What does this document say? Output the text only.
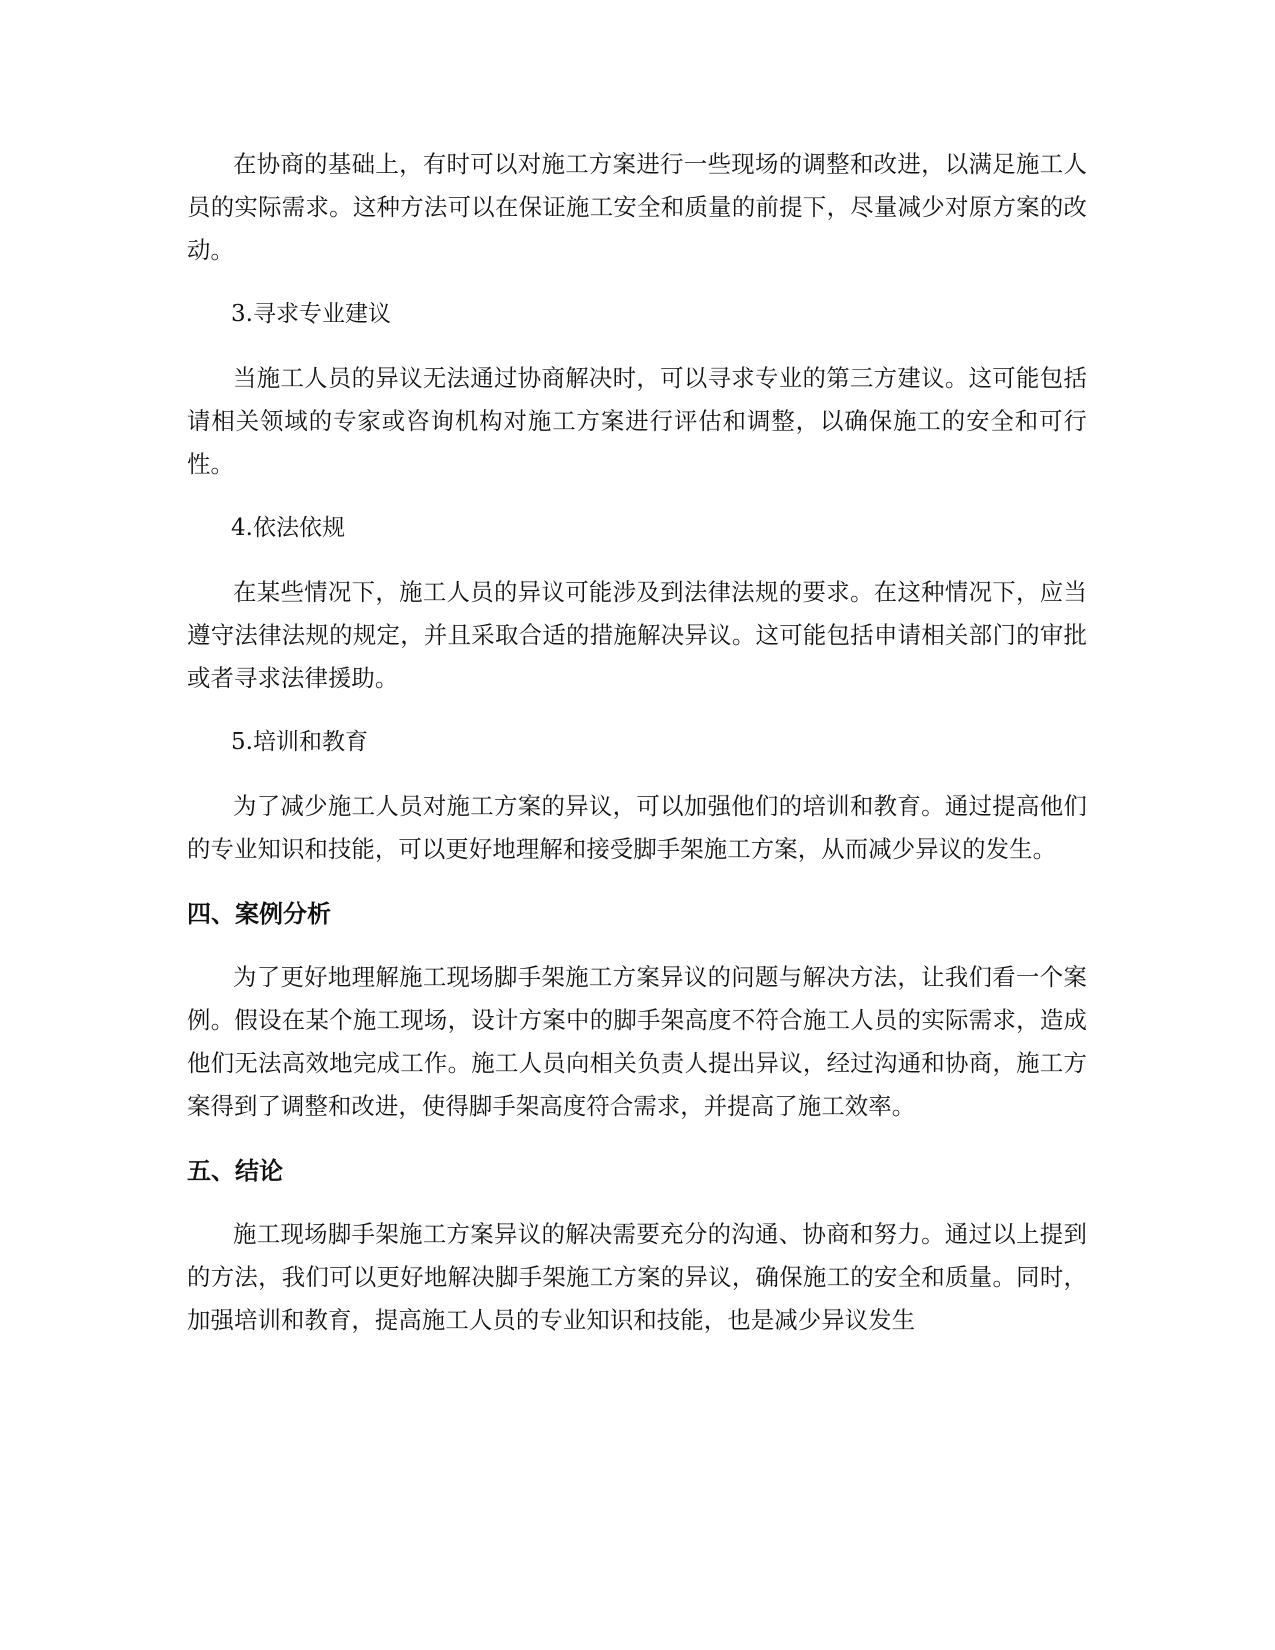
在协商的基础上，有时可以对施工方案进行一些现场的调整和改进，以满足施工人员的实际需求。这种方法可以在保证施工安全和质量的前提下，尽量减少对原方案的改动。

3.寻求专业建议

当施工人员的异议无法通过协商解决时，可以寻求专业的第三方建议。这可能包括请相关领域的专家或咨询机构对施工方案进行评估和调整，以确保施工的安全和可行性。

4.依法依规

在某些情况下，施工人员的异议可能涉及到法律法规的要求。在这种情况下，应当遵守法律法规的规定，并且采取合适的措施解决异议。这可能包括申请相关部门的审批或者寻求法律援助。

5.培训和教育

为了减少施工人员对施工方案的异议，可以加强他们的培训和教育。通过提高他们的专业知识和技能，可以更好地理解和接受脚手架施工方案，从而减少异议的发生。

四、案例分析

为了更好地理解施工现场脚手架施工方案异议的问题与解决方法，让我们看一个案例。假设在某个施工现场，设计方案中的脚手架高度不符合施工人员的实际需求，造成他们无法高效地完成工作。施工人员向相关负责人提出异议，经过沟通和协商，施工方案得到了调整和改进，使得脚手架高度符合需求，并提高了施工效率。

五、结论

施工现场脚手架施工方案异议的解决需要充分的沟通、协商和努力。通过以上提到的方法，我们可以更好地解决脚手架施工方案的异议，确保施工的安全和质量。同时，加强培训和教育，提高施工人员的专业知识和技能，也是减少异议发生
